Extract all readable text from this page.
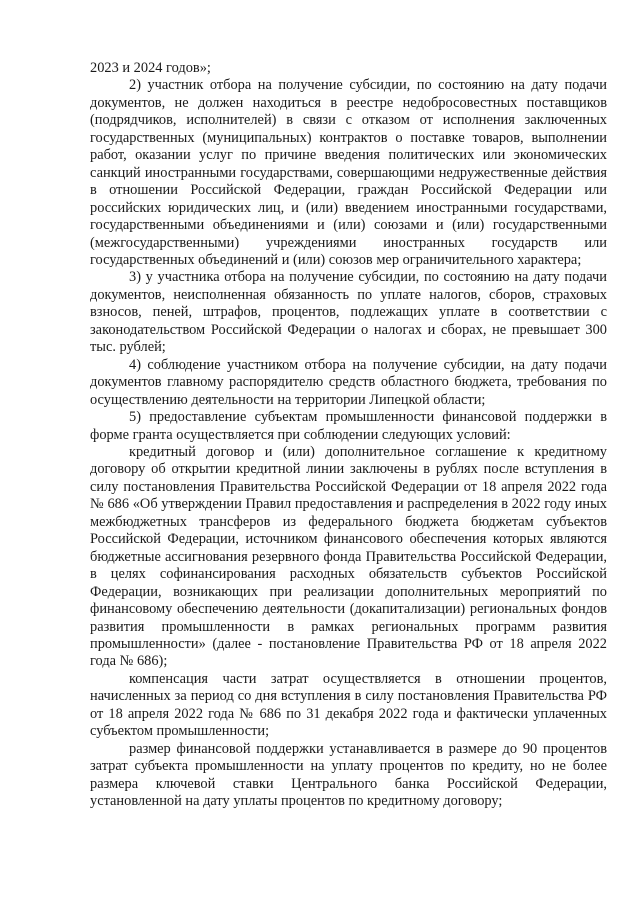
2023 и 2024 годов»;

2) участник отбора на получение субсидии, по состоянию на дату подачи документов, не должен находиться в реестре недобросовестных поставщиков (подрядчиков, исполнителей) в связи с отказом от исполнения заключенных государственных (муниципальных) контрактов о поставке товаров, выполнении работ, оказании услуг по причине введения политических или экономических санкций иностранными государствами, совершающими недружественные действия в отношении Российской Федерации, граждан Российской Федерации или российских юридических лиц, и (или) введением иностранными государствами, государственными объединениями и (или) союзами и (или) государственными (межгосударственными) учреждениями иностранных государств или государственных объединений и (или) союзов мер ограничительного характера;

3) у участника отбора на получение субсидии, по состоянию на дату подачи документов, неисполненная обязанность по уплате налогов, сборов, страховых взносов, пеней, штрафов, процентов, подлежащих уплате в соответствии с законодательством Российской Федерации о налогах и сборах, не превышает 300 тыс. рублей;

4) соблюдение участником отбора на получение субсидии, на дату подачи документов главному распорядителю средств областного бюджета, требования по осуществлению деятельности на территории Липецкой области;

5) предоставление субъектам промышленности финансовой поддержки в форме гранта осуществляется при соблюдении следующих условий:

кредитный договор и (или) дополнительное соглашение к кредитному договору об открытии кредитной линии заключены в рублях после вступления в силу постановления Правительства Российской Федерации от 18 апреля 2022 года № 686 «Об утверждении Правил предоставления и распределения в 2022 году иных межбюджетных трансферов из федерального бюджета бюджетам субъектов Российской Федерации, источником финансового обеспечения которых являются бюджетные ассигнования резервного фонда Правительства Российской Федерации, в целях софинансирования расходных обязательств субъектов Российской Федерации, возникающих при реализации дополнительных мероприятий по финансовому обеспечению деятельности (докапитализации) региональных фондов развития промышленности в рамках региональных программ развития промышленности» (далее - постановление Правительства РФ от 18 апреля 2022 года № 686);

компенсация части затрат осуществляется в отношении процентов, начисленных за период со дня вступления в силу постановления Правительства РФ от 18 апреля 2022 года № 686 по 31 декабря 2022 года и фактически уплаченных субъектом промышленности;

размер финансовой поддержки устанавливается в размере до 90 процентов затрат субъекта промышленности на уплату процентов по кредиту, но не более размера ключевой ставки Центрального банка Российской Федерации, установленной на дату уплаты процентов по кредитному договору;
